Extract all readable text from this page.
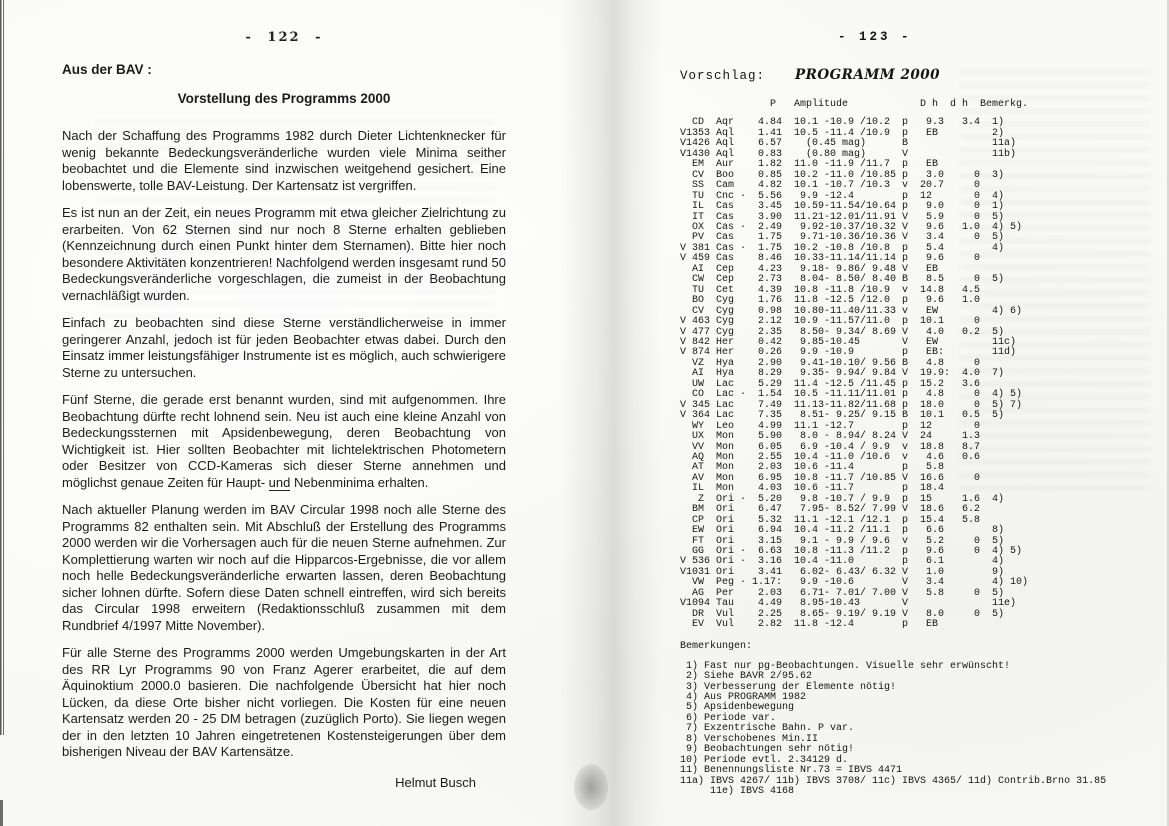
- 122 -
Aus der BAV :
Vorstellung des Programms 2000
Nach der Schaffung des Programms 1982 durch Dieter Lichtenknecker für wenig bekannte Bedeckungsveränderliche wurden viele Minima seither beobachtet und die Elemente sind inzwischen weitgehend gesichert. Eine lobenswerte, tolle BAV-Leistung. Der Kartensatz ist vergriffen.
Es ist nun an der Zeit, ein neues Programm mit etwa gleicher Zielrichtung zu erarbeiten. Von 62 Sternen sind nur noch 8 Sterne erhalten geblieben (Kennzeichnung durch einen Punkt hinter dem Sternamen). Bitte hier noch besondere Aktivitäten konzentrieren! Nachfolgend werden insgesamt rund 50 Bedeckungsveränderliche vorgeschlagen, die zumeist in der Beobachtung vernachläßigt wurden.
Einfach zu beobachten sind diese Sterne verständlicherweise in immer geringerer Anzahl, jedoch ist für jeden Beobachter etwas dabei. Durch den Einsatz immer leistungsfähiger Instrumente ist es möglich, auch schwierigere Sterne zu untersuchen.
Fünf Sterne, die gerade erst benannt wurden, sind mit aufgenommen. Ihre Beobachtung dürfte recht lohnend sein. Neu ist auch eine kleine Anzahl von Bedeckungssternen mit Apsidenbewegung, deren Beobachtung von Wichtigkeit ist. Hier sollten Beobachter mit lichtelektrischen Photometern oder Besitzer von CCD-Kameras sich dieser Sterne annehmen und möglichst genaue Zeiten für Haupt- und Nebenminima erhalten.
Nach aktueller Planung werden im BAV Circular 1998 noch alle Sterne des Programms 82 enthalten sein. Mit Abschluß der Erstellung des Programms 2000 werden wir die Vorhersagen auch für die neuen Sterne aufnehmen. Zur Komplettierung warten wir noch auf die Hipparcos-Ergebnisse, die vor allem noch helle Bedeckungsveränderliche erwarten lassen, deren Beobachtung sicher lohnen dürfte. Sofern diese Daten schnell eintreffen, wird sich bereits das Circular 1998 erweitern (Redaktionsschluß zusammen mit dem Rundbrief 4/1997 Mitte November).
Für alle Sterne des Programms 2000 werden Umgebungskarten in der Art des RR Lyr Programms 90 von Franz Agerer erarbeitet, die auf dem Äquinoktium 2000.0 basieren. Die nachfolgende Übersicht hat hier noch Lücken, da diese Orte bisher nicht vorliegen. Die Kosten für eine neuen Kartensatz werden 20 - 25 DM betragen (zuzüglich Porto). Sie liegen wegen der in den letzten 10 Jahren eingetretenen Kostensteigerungen über dem bisherigen Niveau der BAV Kartensätze.
Helmut Busch
- 123 -
Vorschlag: PROGRAMM 2000
P   Amplitude            D h  d h  Bemerkg.
CD  Aqr    4.84  10.1 -10.9 /10.2  p   9.3   3.4  1)
V1353 Aql    1.41  10.5 -11.4 /10.9  p   EB         2)
V1426 Aql    6.57    (0.45 mag)      B              11a)
V1430 Aql    0.83    (0.80 mag)      V              11b)
EM  Aur    1.82  11.0 -11.9 /11.7  p   EB
CV  Boo    0.85  10.2 -11.0 /10.85 p   3.0     0  3)
SS  Cam    4.82  10.1 -10.7 /10.3  v  20.7     0
TU  Cnc ·  5.56   9.9 -12.4        p  12       0  4)
IL  Cas    3.45  10.59-11.54/10.64 p   9.0     0  1)
IT  Cas    3.90  11.21-12.01/11.91 V   5.9     0  5)
OX  Cas ·  2.49   9.92-10.37/10.32 V   9.6   1.0  4) 5)
PV  Cas    1.75   9.71-10.36/10.36 V   3.4     0  5)
V 381 Cas ·  1.75  10.2 -10.8 /10.8  p   5.4        4)
V 459 Cas    8.46  10.33-11.14/11.14 p   9.6     0
AI  Cep    4.23   9.18- 9.86/ 9.48 V   EB
CW  Cep    2.73   8.04- 8.50/ 8.40 B   8.5     0  5)
TU  Cet    4.39  10.8 -11.8 /10.9  v  14.8   4.5
BO  Cyg    1.76  11.8 -12.5 /12.0  p   9.6   1.0
CV  Cyg    0.98  10.80-11.40/11.33 v   EW         4) 6)
V 463 Cyg    2.12  10.9 -11.57/11.0  p  10.1     0
V 477 Cyg    2.35   8.50- 9.34/ 8.69 V   4.0   0.2  5)
V 842 Her    0.42   9.85-10.45       V   EW         11c)
V 874 Her    0.26   9.9 -10.9        p   EB:        11d)
VZ  Hya    2.90   9.41-10.10/ 9.56 B   4.8     0
AI  Hya    8.29   9.35- 9.94/ 9.84 V  19.9:  4.0  7)
UW  Lac    5.29  11.4 -12.5 /11.45 p  15.2   3.6
CO  Lac ·  1.54  10.5 -11.11/11.01 p   4.8     0  4) 5)
V 345 Lac    7.49  11.13-11.82/11.68 p  18.0     0  5) 7)
V 364 Lac    7.35   8.51- 9.25/ 9.15 B  10.1   0.5  5)
WY  Leo    4.99  11.1 -12.7        p  12       0
UX  Mon    5.90   8.0 - 8.94/ 8.24 V  24     1.3
VV  Mon    6.05   6.9 -10.4 / 9.9  v  18.8   8.7
AQ  Mon    2.55  10.4 -11.0 /10.6  v   4.6   0.6
AT  Mon    2.03  10.6 -11.4        p   5.8
AV  Mon    6.95  10.8 -11.7 /10.85 V  16.6     0
IL  Mon    4.03  10.6 -11.7        p  18.4
Z  Ori ·  5.20   9.8 -10.7 / 9.9  p  15     1.6  4)
BM  Ori    6.47   7.95- 8.52/ 7.99 V  18.6   6.2
CP  Ori    5.32  11.1 -12.1 /12.1  p  15.4   5.8
EW  Ori    6.94  10.4 -11.2 /11.1  p   6.6        8)
FT  Ori    3.15   9.1 - 9.9 / 9.6  v   5.2     0  5)
GG  Ori ·  6.63  10.8 -11.3 /11.2  p   9.6     0  4) 5)
V 536 Ori ·  3.16  10.4 -11.0        p   6.1        4)
V1031 Ori    3.41   6.02- 6.43/ 6.32 V   1.0        9)
VW  Peg · 1.17:   9.9 -10.6        V   3.4        4) 10)
AG  Per    2.03   6.71- 7.01/ 7.00 V   5.8     0  5)
V1094 Tau    4.49   8.95-10.43       V              11e)
DR  Vul    2.25   8.65- 9.19/ 9.19 V   8.0     0  5)
EV  Vul    2.82  11.8 -12.4        p   EB
Bemerkungen:
1) Fast nur pg-Beobachtungen. Visuelle sehr erwünscht!
2) Siehe BAVR 2/95.62
3) Verbesserung der Elemente nötig!
4) Aus PROGRAMM 1982
5) Apsidenbewegung
6) Periode var.
7) Exzentrische Bahn. P var.
8) Verschobenes Min.II
9) Beobachtungen sehr nötig!
10) Periode evtl. 2.34129 d.
11) Benennungsliste Nr.73 = IBVS 4471
11a) IBVS 4267/ 11b) IBVS 3708/ 11c) IBVS 4365/ 11d) Contrib.Brno 31.85
11e) IBVS 4168
